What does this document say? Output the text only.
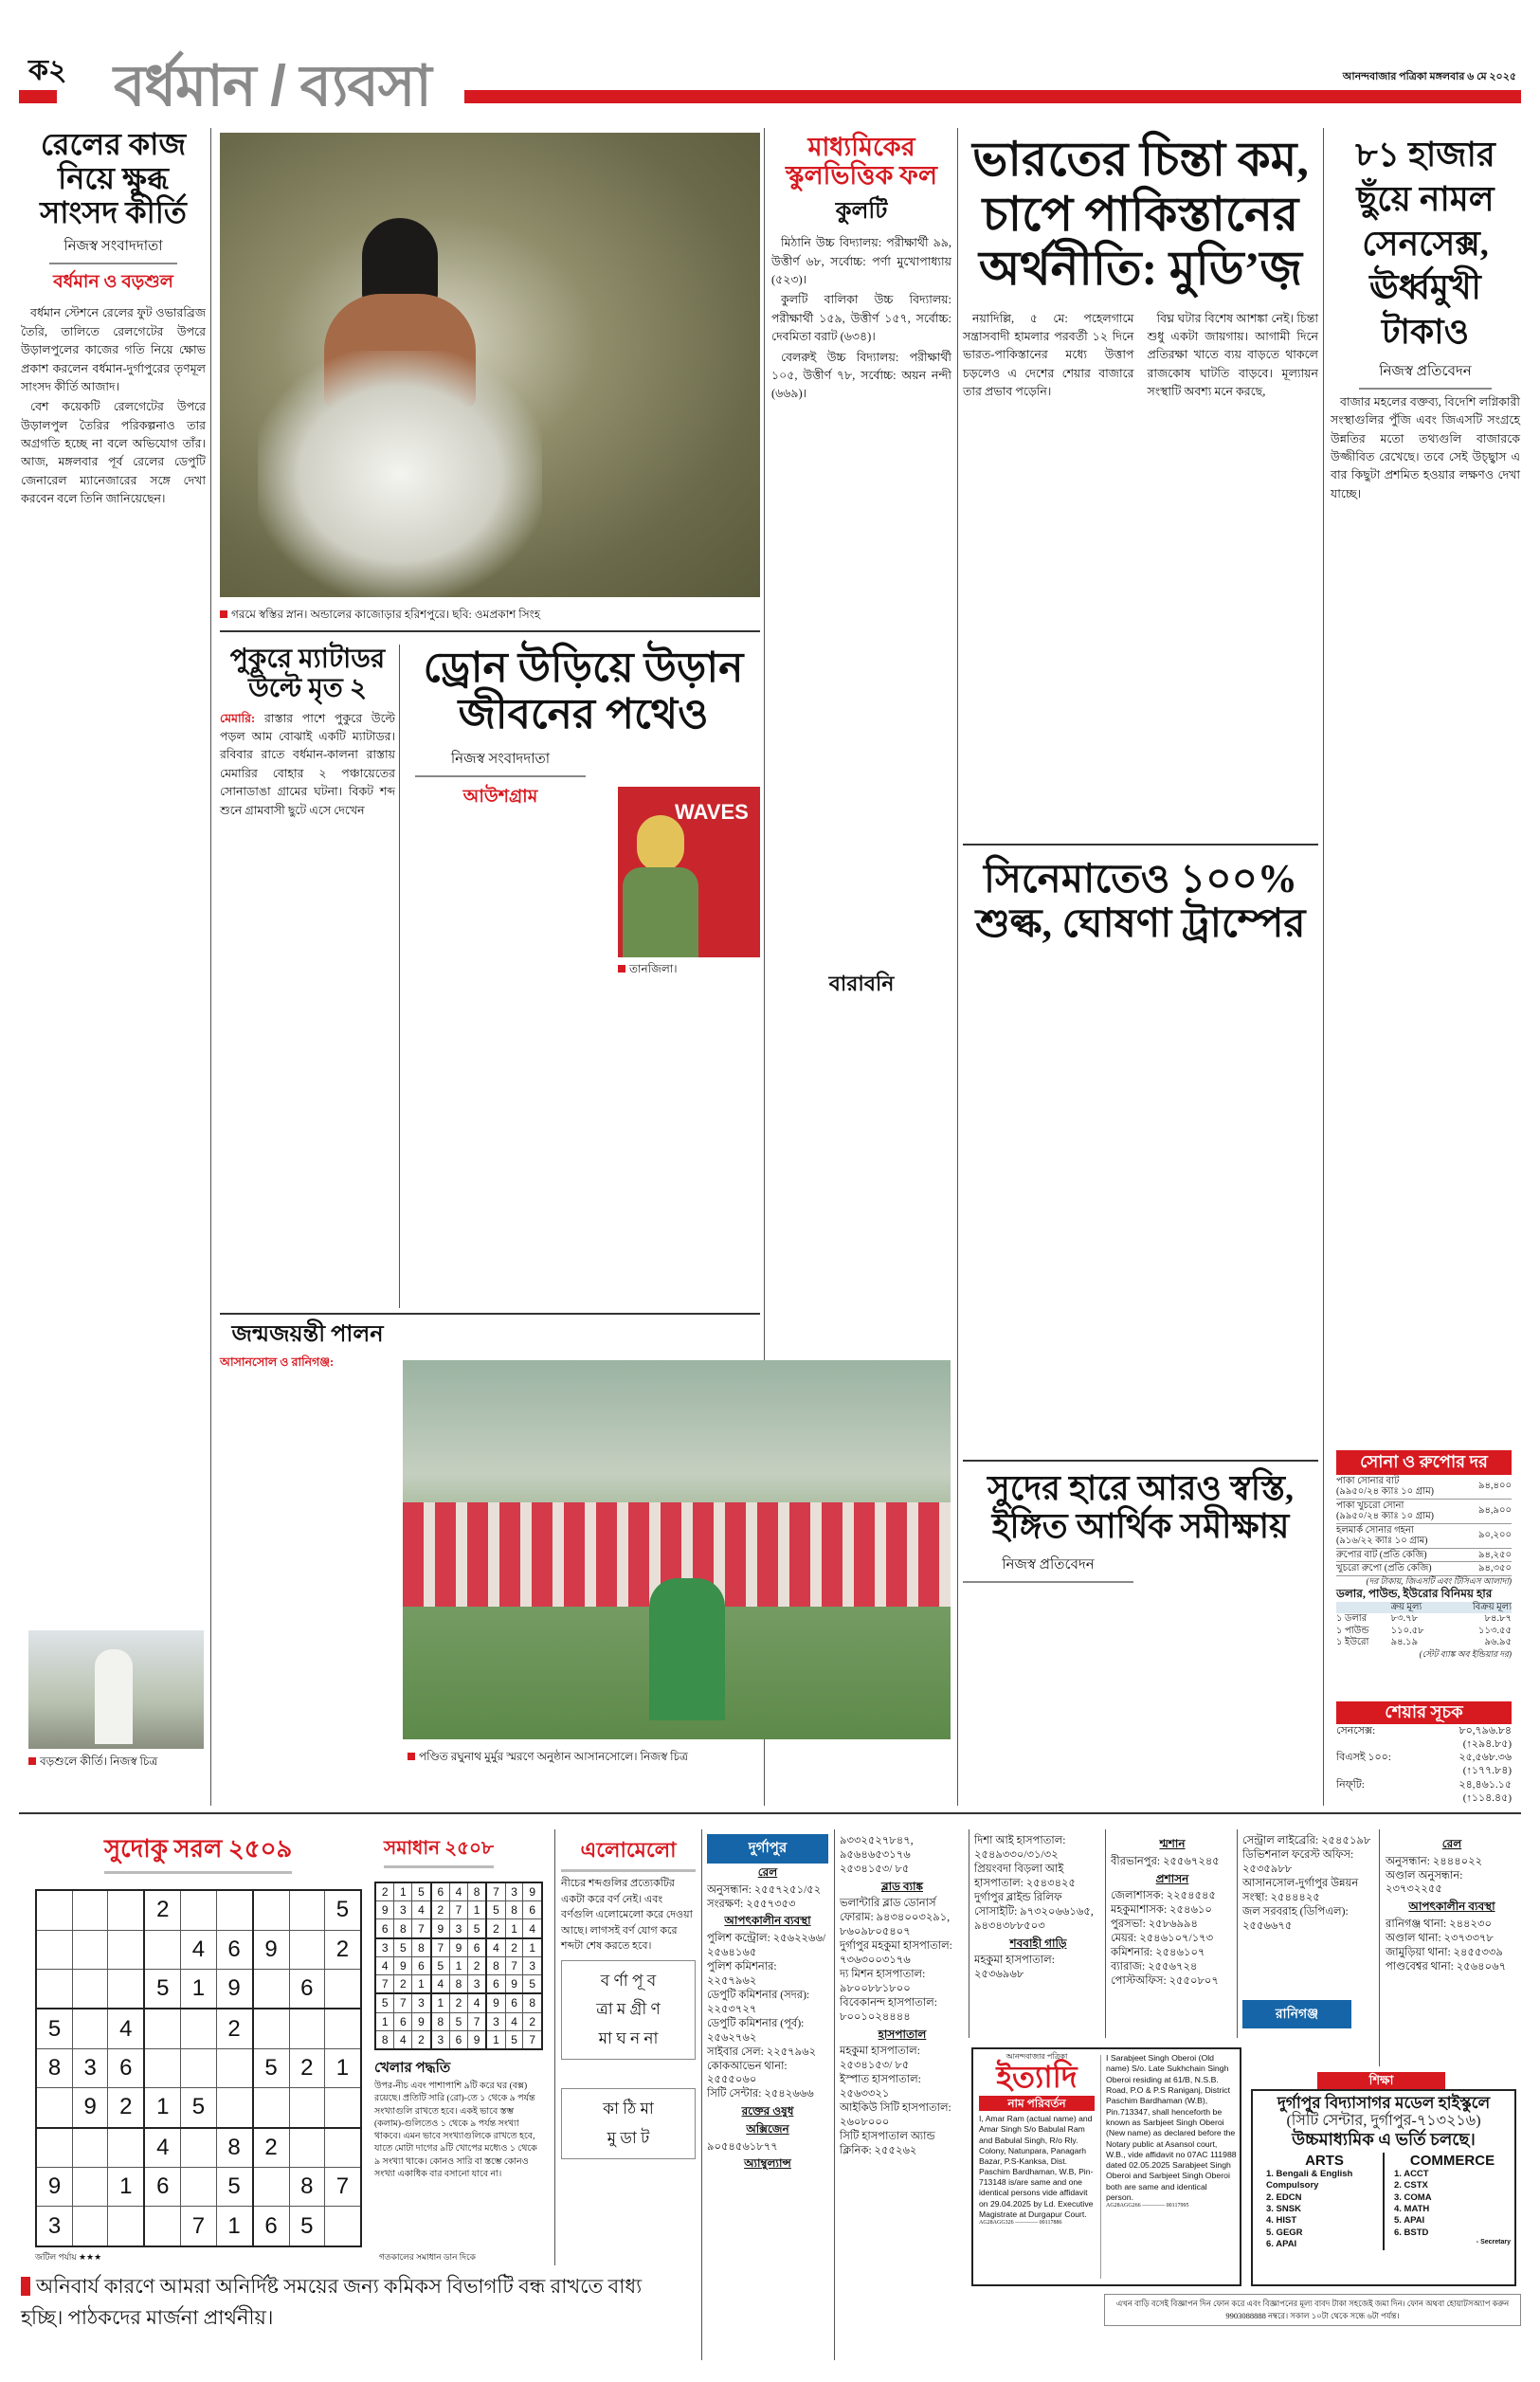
ক২ বর্ধমান / ব্যবসা	আনন্দবাজার পত্রিকা মঙ্গলবার ৬ মে ২০২৫
রেলের কাজ নিয়ে ক্ষুব্ধ সাংসদ কীর্তি
নিজস্ব সংবাদদাতা
বর্ধমান ও বড়শুল

বর্ধমান স্টেশনে রেলের ফুট ওভারব্রিজ তৈরি, তালিতে রেলগেটের উপরে উড়ালপুলের কাজের গতি নিয়ে ক্ষোভ প্রকাশ করলেন বর্ধমান-দুর্গাপুরের তৃণমূল সাংসদ কীর্তি আজাদ।

বেশ কয়েকটি রেলগেটের উপরে উড়ালপুল তৈরির পরিকল্পনাও তার অগ্রগতি হচ্ছে না বলে অভিযোগ তাঁর। আজ, মঙ্গলবার পূর্ব রেলের ডেপুটি জেনারেল ম্যানেজারের সঙ্গে দেখা করবেন বলে তিনি জানিয়েছেন।

গরমে স্বস্তির স্নান। অন্ডালের কাজোড়ার হরিশপুরে। ছবি: ওমপ্রকাশ সিংহ
মাধ্যমিকের স্কুলভিত্তিক ফল
কুলটি

মিঠানি উচ্চ বিদ্যালয়: পরীক্ষার্থী ৯৯, উত্তীর্ণ ৬৮, সর্বোচ্চ: পর্ণা মুখোপাধ্যায় (৫২৩)।

কুলটি বালিকা উচ্চ বিদ্যালয়: পরীক্ষার্থী ১৫৯, উত্তীর্ণ ১৫৭, সর্বোচ্চ: দেবমিতা বরাট (৬৩৪)।

বেলরুই উচ্চ বিদ্যালয়: পরীক্ষার্থী ১০৫, উত্তীর্ণ ৭৮, সর্বোচ্চ: অয়ন নন্দী (৬৬৯)।

বারাবনি
ভারতের চিন্তা কম, চাপে পাকিস্তানের অর্থনীতি: মুডি’জ়

নয়াদিল্লি, ৫ মে: পহেলগামে সন্ত্রাসবাদী হামলার পরবর্তী ১২ দিনে ভারত-পাকিস্তানের মধ্যে উত্তাপ চড়লেও এ দেশের শেয়ার বাজারে তার প্রভাব পড়েনি।

বিঘ্ন ঘটার বিশেষ আশঙ্কা নেই। চিন্তা শুধু একটা জায়গায়। আগামী দিনে প্রতিরক্ষা খাতে ব্যয় বাড়তে থাকলে রাজকোষ ঘাটতি বাড়বে। মূল্যায়ন সংস্থাটি অবশ্য মনে করছে,

৮১ হাজার ছুঁয়ে নামল সেনসেক্স, ঊর্ধ্বমুখী টাকাও
নিজস্ব প্রতিবেদন

বাজার মহলের বক্তব্য, বিদেশি লগ্নিকারী সংস্থাগুলির পুঁজি এবং জিএসটি সংগ্রহে উন্নতির মতো তথ্যগুলি বাজারকে উজ্জীবিত রেখেছে। তবে সেই উচ্ছ্বাস এ বার কিছুটা প্রশমিত হওয়ার লক্ষণও দেখা যাচ্ছে।

পুকুরে ম্যাটাডর উল্টে মৃত ২
মেমারি: রাস্তার পাশে পুকুরে উল্টে পড়ল আম বোঝাই একটি ম্যাটাডর। রবিবার রাতে বর্ধমান-কালনা রাস্তায় মেমারির বোহার ২ পঞ্চায়েতের সোনাডাঙা গ্রামের ঘটনা। বিকট শব্দ শুনে গ্রামবাসী ছুটে এসে দেখেন
ড্রোন উড়িয়ে উড়ান জীবনের পথেও
নিজস্ব সংবাদদাতা
আউশগ্রাম
WAVES
তানজিলা।
সিনেমাতেও ১০০% শুল্ক, ঘোষণা ট্রাম্পের
জন্মজয়ন্তী পালন
আসানসোল ও রানিগঞ্জ:
পণ্ডিত রঘুনাথ মুর্মুর স্মরণে অনুষ্ঠান আসানসোলে। নিজস্ব চিত্র
বড়শুলে কীর্তি। নিজস্ব চিত্র
সুদের হারে আরও স্বস্তি, ইঙ্গিত আর্থিক সমীক্ষায়
নিজস্ব প্রতিবেদন
সোনা ও রুপোর দর
পাকা সোনার বাট
(৯৯৫০/২৪ ক্যাঃ ১০ গ্রাম)
৯৪,৪০০
পাকা খুচরো সোনা
(৯৯৫০/২৪ ক্যাঃ ১০ গ্রাম)
৯৪,৯০০
হলমার্ক সোনার গহনা
(৯১৬/২২ ক্যাঃ ১০ গ্রাম)
৯০,২০০
রুপোর বাট (প্রতি কেজি)	৯৪,২৫০
খুচরো রুপো (প্রতি কেজি)	৯৪,৩৫০
(দর টাকায়, জিএসটি এবং টিসিএস আলাদা)
ডলার, পাউন্ড, ইউরোর বিনিময় হার
	ক্রয় মূল্য	বিক্রয় মূল্য
১ ডলার	৮৩.৭৮	৮৪.৮৭
১ পাউন্ড	১১০.৫৮	১১৩.৫৫
১ ইউরো	৯৪.১৯	৯৬.৯৫
(স্টেট ব্যাঙ্ক অব ইন্ডিয়ার দর)
শেয়ার সূচক
সেনসেক্স:	৮০,৭৯৬.৮৪
(↑২৯৪.৮৫)
বিএসই ১০০:	২৫,৫৬৮.৩৬
(↑১৭৭.৮৪)
নিফ্‌টি:	২৪,৪৬১.১৫
(↑১১৪.৪৫)
সুদোকু সরল ২৫০৯
			2					5
				4	6	9		2
			5	1	9		6	
5		4			2			
8	3	6				5	2	1
	9	2	1	5				
			4		8	2		
9		1	6		5		8	7
3				7	1	6	5	
জটিল পর্যায় ★★★
সমাধান ২৫০৮
2	1	5	6	4	8	7	3	9
9	3	4	2	7	1	5	8	6
6	8	7	9	3	5	2	1	4
3	5	8	7	9	6	4	2	1
4	9	6	5	1	2	8	7	3
7	2	1	4	8	3	6	9	5
5	7	3	1	2	4	9	6	8
1	6	9	8	5	7	3	4	2
8	4	2	3	6	9	1	5	7
খেলার পদ্ধতি
উপর-নীচ এবং পাশাপাশি ৯টি করে ঘর (বক্স) রয়েছে। প্রতিটি সারি (রো)-তে ১ থেকে ৯ পর্যন্ত সংখ্যাগুলি রাখতে হবে। একই ভাবে স্তম্ভ (কলাম)-গুলিতেও ১ থেকে ৯ পর্যন্ত সংখ্যা থাকবে। এমন ভাবে সংখ্যাগুলিকে রাখতে হবে, যাতে মোটা দাগের ৯টি খোপের মধ্যেও ১ থেকে ৯ সংখ্যা থাকে। কোনও সারি বা স্তম্ভে কোনও সংখ্যা একাধিক বার বসানো যাবে না।
গতকালের সমাধান ডান দিকে
এলোমেলো
নীচের শব্দগুলির প্রত্যেকটির একটা করে বর্ণ নেই। এবং বর্ণগুলি এলোমেলো করে দেওয়া আছে। লাগসই বর্ণ যোগ করে শব্দটা শেষ করতে হবে।
ব র্ণা পূ ব
ত্রা ম গ্রী ণ
মা ঘ ন না
কা ঠি মা
মু ডা ট
দুর্গাপুর
রেল
অনুসন্ধান: ২৫৫৭২৫১/৫২
সংরক্ষণ: ২৫৫৭৩৫৩
আপৎকালীন ব্যবস্থা
পুলিশ কন্ট্রোল: ২৫৬২২৬৬/ ২৫৬৪১৬৫
পুলিশ কমিশনার: ২২৫৭৯৬২
ডেপুটি কমিশনার (সদর): ২২৫৩৭২৭
ডেপুটি কমিশনার (পূর্ব): ২৫৬২৭৬২
সাইবার সেল: ২২৫৭৯৬২
কোকআভেন থানা: ২৫৫৫০৬০
সিটি সেন্টার: ২৫৪২৬৬৬
রক্তের ওষুধ
অক্সিজেন
৯০৫৪৫৬১৮৭৭
অ্যাম্বুল্যান্স
৯৩৩২৫২৭৮৪৭, ৯৫৬৪৬৫৩১৭৬
২৫৩৪১৫৩/ ৮৫
ব্লাড ব্যাঙ্ক
ভলান্টারি ব্লাড ডোনার্স ফোরাম: ৯৪৩৪০০৩২৯১, ৮৬০৯৮০৫৪০৭
দুর্গাপুর মহকুমা হাসপাতাল: ৭৩৬৩০০৩১৭৬
দ্য মিশন হাসপাতাল: ৯৮০০৮৮১৮০০
বিবেকানন্দ হাসপাতাল: ৮০০১০২৪৪৪৪
হাসপাতাল
মহকুমা হাসপাতাল: ২৫৩৪১৫৩/ ৮৫
ইস্পাত হাসপাতাল: ২৫৬৩৩২১
আইকিউ সিটি হাসপাতাল: ২৬০৮০০০
সিটি হাসপাতাল অ্যান্ড ক্লিনিক: ২৫৫২৬২
দিশা আই হাসপাতাল: ২৫৪৯৩৩০/৩১/৩২
প্রিয়ংবদা বিড়লা আই হাসপাতাল: ২৫৪৩৪২৫
দুর্গাপুর ব্লাইন্ড রিলিফ সোসাইটি: ৯৭৩২০৬৬১৬৫, ৯৪৩৪৩৮৮৫০৩
শববাহী গাড়ি
মহকুমা হাসপাতাল: ২৫৩৬৯৬৮
শ্মশান
বীরভানপুর: ২৫৫৬৭২৪৫
প্রশাসন
জেলাশাসক: ২২৫৪৫৪৫
মহকুমাশাসক: ২৫৪৬১০
পুরসভা: ২৫৮৬৯৯৪
মেয়র: ২৫৪৬১০৭/১৭৩
কমিশনার: ২৫৪৬১০৭
ব্যারাজ: ২৫৫৬৭২৪
পোস্টঅফিস: ২৫৫০৮০৭
সেন্ট্রাল লাইব্রেরি: ২৫৪৫১৯৮
ডিভিশনাল ফরেস্ট অফিস: ২৫৩৫৯৮৮
আসানসোল-দুর্গাপুর উন্নয়ন সংস্থা: ২৫৪৪৪২৫
জল সরবরাহ (ডিপিএল): ২৫৫৬৬৭৫
রানিগঞ্জ
রেল
অনুসন্ধান: ২৪৪৪০২২
অণ্ডাল অনুসন্ধান: ২৩৭৩২২৫৫
আপৎকালীন ব্যবস্থা
রানিগঞ্জ থানা: ২৪৪২৩০
অণ্ডাল থানা: ২৩৭৩৩৭৮
জামুড়িয়া থানা: ২৪৫৫৩৩৯
পাণ্ডবেশ্বর থানা: ২৫৬৪০৬৭
আনন্দবাজার পত্রিকা
ইত্যাদি
নাম পরিবর্তন
I, Amar Ram (actual name) and Amar Singh S/o Babulal Ram and Babulal Singh, R/o Rly. Colony, Natunpara, Panagarh Bazar, P.S-Kanksa, Dist. Paschim Bardhaman, W.B, Pin-713148 is/are same and one identical persons vide affidavit on 29.04.2025 by Ld. Executive Magistrate at Durgapur Court.
AG28AGG326 ———— 00117886
I Sarabjeet Singh Oberoi (Old name) S/o. Late Sukhchain Singh Oberoi residing at 61/B, N.S.B. Road, P.O & P.S Raniganj, District Paschim Bardhaman (W.B), Pin.713347, shall henceforth be known as Sarbjeet Singh Oberoi (New name) as declared before the Notary public at Asansol court, W.B., vide affidavit no 07AC 111988 dated 02.05.2025 Sarabjeet Singh Oberoi and Sarbjeet Singh Oberoi both are same and identical person.
AG28AGG266 ———— 00117995
শিক্ষা
দুর্গাপুর বিদ্যাসাগর মডেল হাইস্কুলে
(সিটি সেন্টার, দুর্গাপুর-৭১৩২১৬)
উচ্চমাধ্যমিক এ ভর্তি চলছে।
ARTS
1. Bengali & English Compulsory
2. EDCN
3. SNSK
4. HIST
5. GEGR
6. APAI
COMMERCE
1. ACCT
2. CSTX
3. COMA
4. MATH
5. APAI
6. BSTD
- Secretary
এখন বাড়ি বসেই বিজ্ঞাপন দিন ফোন করে এবং বিজ্ঞাপনের মূল্য বাবদ টাকা সহজেই জমা দিন। ফোন অথবা হোয়াটসঅ্যাপ করুন 9903088888 নম্বরে। সকাল ১০টা থেকে সন্ধে ৬টা পর্যন্ত।
অনিবার্য কারণে আমরা অনির্দিষ্ট সময়ের জন্য কমিকস বিভাগটি বন্ধ রাখতে বাধ্য হচ্ছি। পাঠকদের মার্জনা প্রার্থনীয়।
